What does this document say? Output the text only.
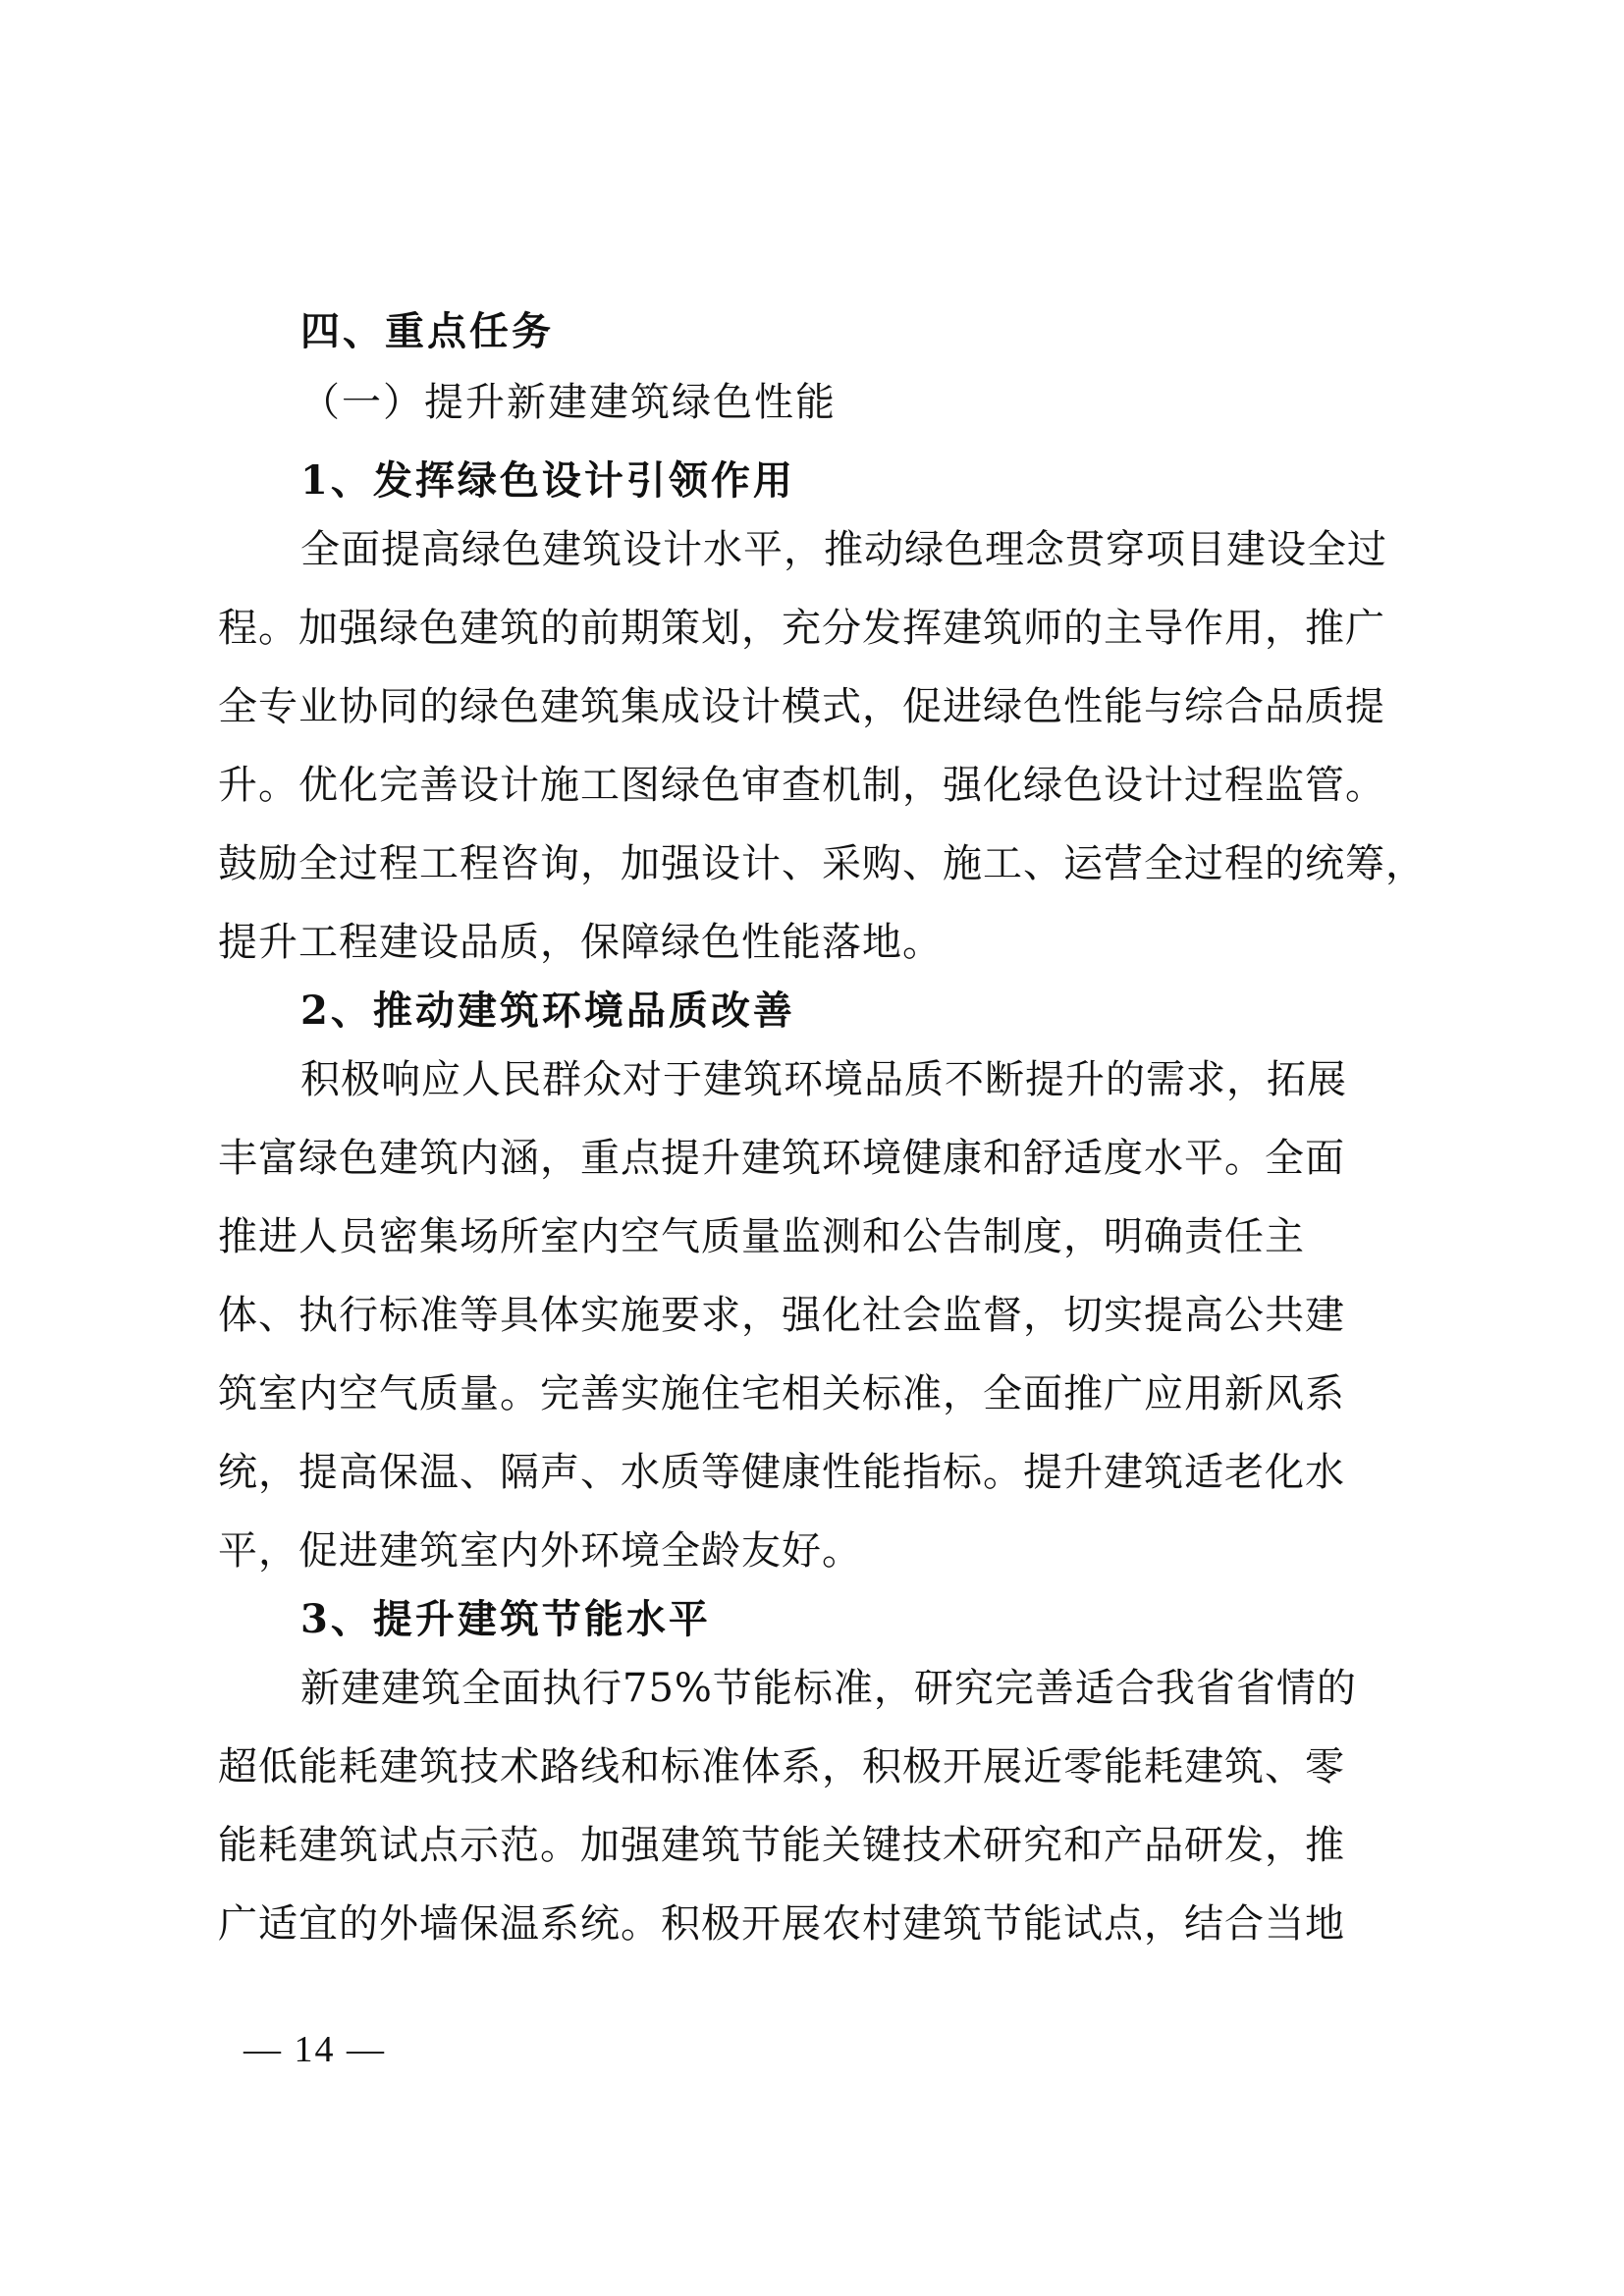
四、重点任务
（一）提升新建建筑绿色性能
1、发挥绿色设计引领作用
全面提高绿色建筑设计水平，推动绿色理念贯穿项目建设全过
程。加强绿色建筑的前期策划，充分发挥建筑师的主导作用，推广
全专业协同的绿色建筑集成设计模式，促进绿色性能与综合品质提
升。优化完善设计施工图绿色审查机制，强化绿色设计过程监管。
鼓励全过程工程咨询，加强设计、采购、施工、运营全过程的统筹，
提升工程建设品质，保障绿色性能落地。
2、推动建筑环境品质改善
积极响应人民群众对于建筑环境品质不断提升的需求，拓展
丰富绿色建筑内涵，重点提升建筑环境健康和舒适度水平。全面
推进人员密集场所室内空气质量监测和公告制度，明确责任主
体、执行标准等具体实施要求，强化社会监督，切实提高公共建
筑室内空气质量。完善实施住宅相关标准，全面推广应用新风系
统，提高保温、隔声、水质等健康性能指标。提升建筑适老化水
平，促进建筑室内外环境全龄友好。
3、提升建筑节能水平
新建建筑全面执行75%节能标准，研究完善适合我省省情的
超低能耗建筑技术路线和标准体系，积极开展近零能耗建筑、零
能耗建筑试点示范。加强建筑节能关键技术研究和产品研发，推
广适宜的外墙保温系统。积极开展农村建筑节能试点，结合当地
— 14 —
